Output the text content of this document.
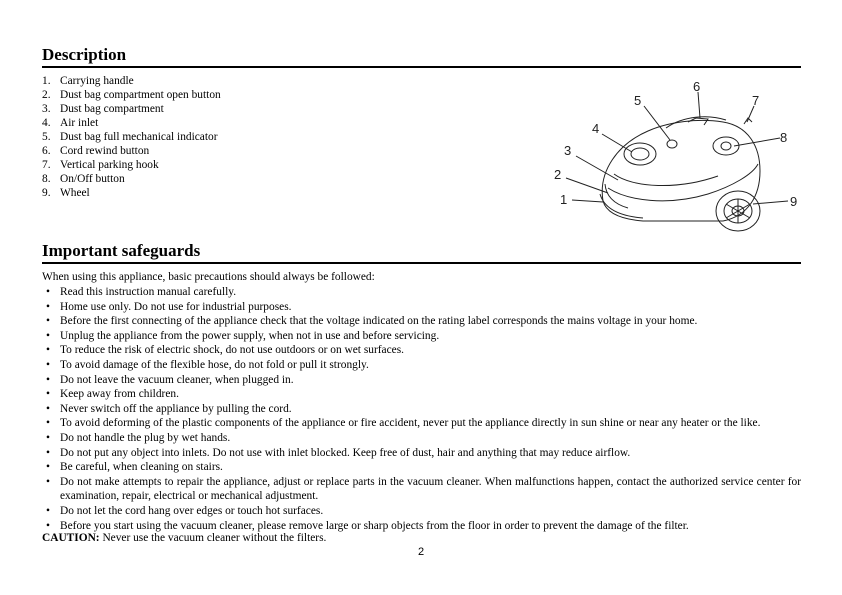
Description
1. Carrying handle
2. Dust bag compartment open button
3. Dust bag compartment
4. Air inlet
5. Dust bag full mechanical indicator
6. Cord rewind button
7. Vertical parking hook
8. On/Off button
9. Wheel	1
2
3
4
5
6
7
8
9
Important safeguards

When using this appliance, basic precautions should always be followed:

• Read this instruction manual carefully.
• Home use only. Do not use for industrial purposes.
• Before the first connecting of the appliance check that the voltage indicated on the rating label corresponds the mains voltage in your home.
• Unplug the appliance from the power supply, when not in use and before servicing.
• To reduce the risk of electric shock, do not use outdoors or on wet surfaces.
• To avoid damage of the flexible hose, do not fold or pull it strongly.
• Do not leave the vacuum cleaner, when plugged in.
• Keep away from children.
• Never switch off the appliance by pulling the cord.
• To avoid deforming of the plastic components of the appliance or fire accident, never put the appliance directly in sun shine or near any heater or the like.
• Do not handle the plug by wet hands.
• Do not put any object into inlets. Do not use with inlet blocked. Keep free of dust, hair and anything that may reduce airflow.
• Be careful, when cleaning on stairs.
• Do not make attempts to repair the appliance, adjust or replace parts in the vacuum cleaner. When malfunctions happen, contact the authorized service center for examination, repair, electrical or mechanical adjustment.
• Do not let the cord hang over edges or touch hot surfaces.
• Before you start using the vacuum cleaner, please remove large or sharp objects from the floor in order to prevent the damage of the filter.

CAUTION: Never use the vacuum cleaner without the filters.

2
